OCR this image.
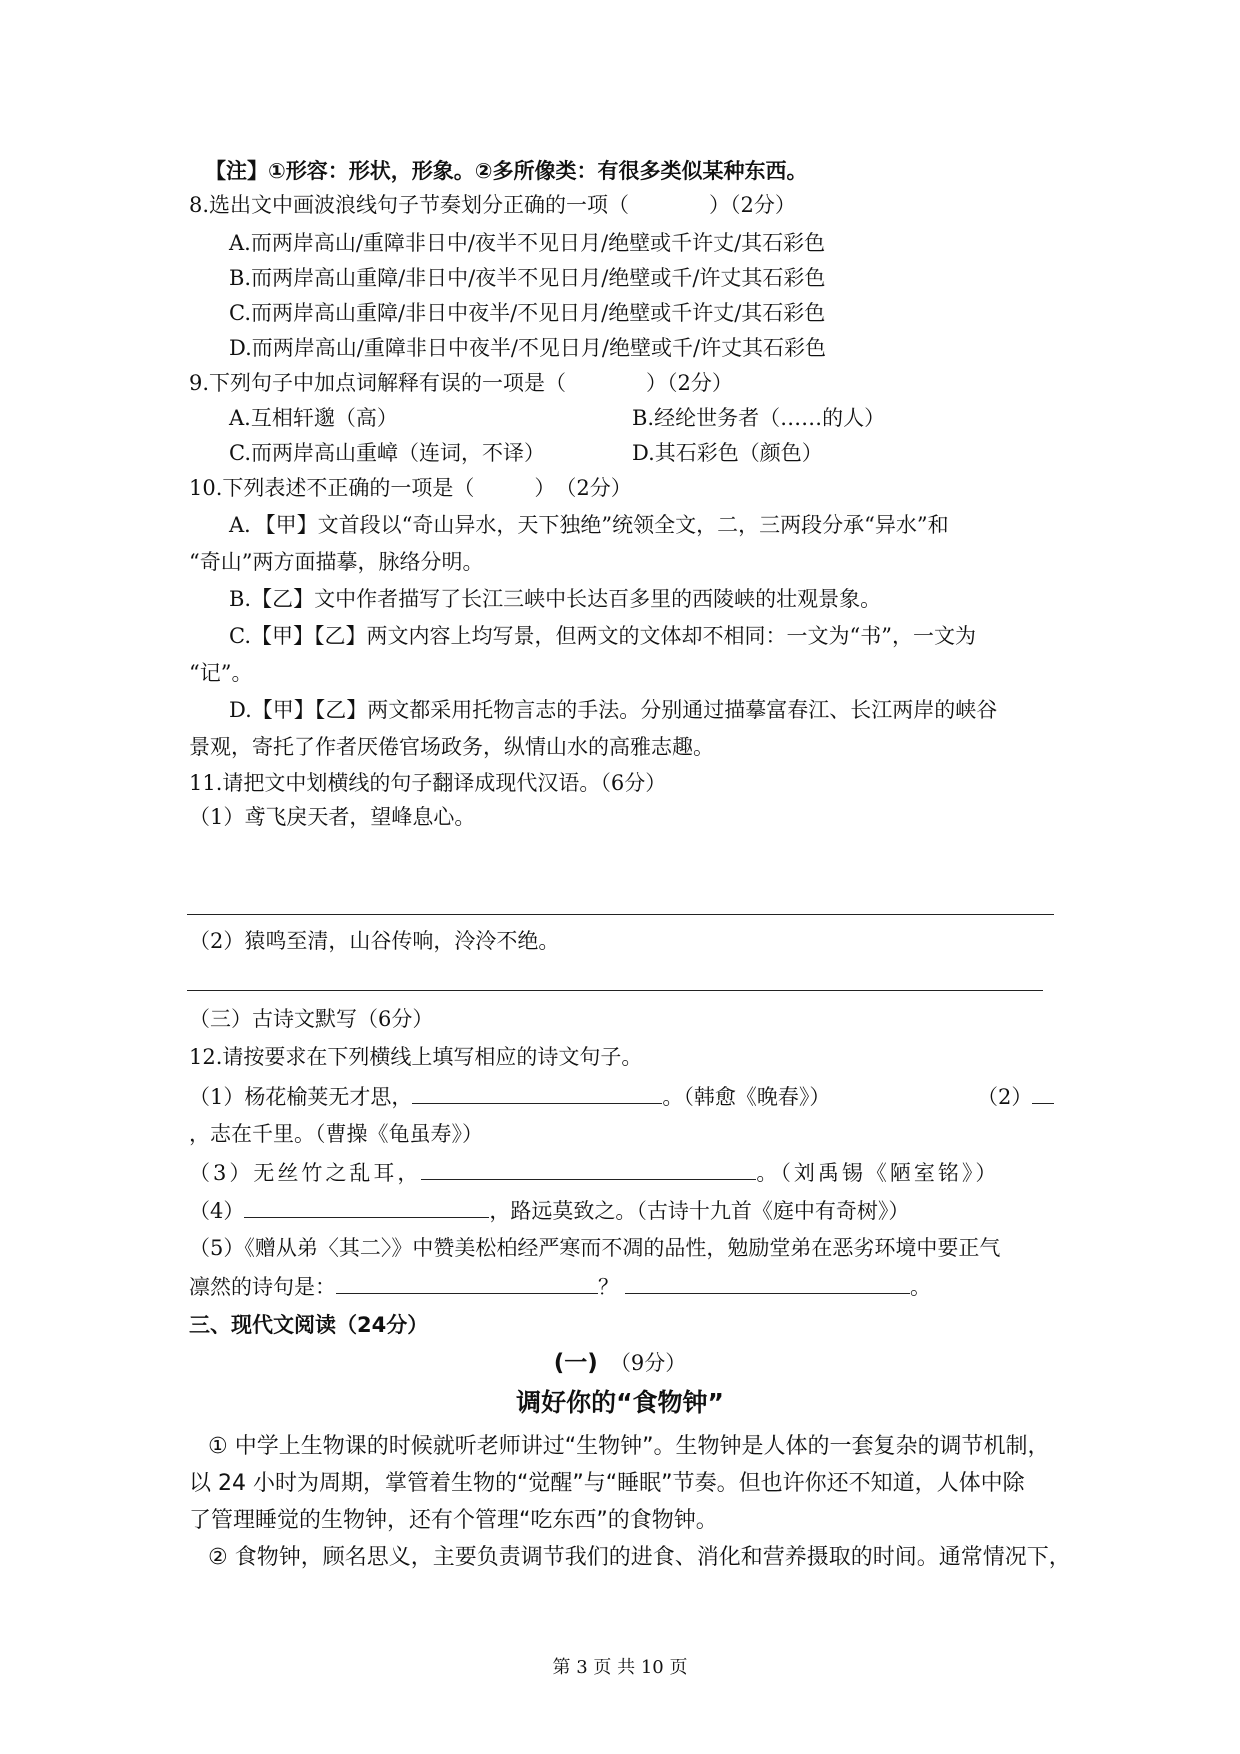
【注】①形容：形状，形象。②多所像类：有很多类似某种东西。
8.选出文中画波浪线句子节奏划分正确的一项（	）（2分）
A.而两岸高山/重障非日中/夜半不见日月/绝壁或千许丈/其石彩色
B.而两岸高山重障/非日中/夜半不见日月/绝壁或千/许丈其石彩色
C.而两岸高山重障/非日中夜半/不见日月/绝壁或千许丈/其石彩色
D.而两岸高山/重障非日中夜半/不见日月/绝壁或千/许丈其石彩色
9.下列句子中加点词解释有误的一项是（	）（2分）
A.互相轩邈（高）	B.经纶世务者（……的人）
C.而两岸高山重嶂（连词，不译）	D.其石彩色（颜色）
10.下列表述不正确的一项是（	）　（2分）
A．【甲】文首段以“奇山异水，天下独绝”统领全文，二，三两段分承“异水”和
“奇山”两方面描摹，脉络分明。
B.【乙】文中作者描写了长江三峡中长达百多里的西陵峡的壮观景象。
C.【甲】【乙】两文内容上均写景，但两文的文体却不相同：一文为“书”，一文为
“记”。
D.【甲】【乙】两文都采用托物言志的手法。分别通过描摹富春江、长江两岸的峡谷
景观，寄托了作者厌倦官场政务，纵情山水的高雅志趣。
11.请把文中划横线的句子翻译成现代汉语。（6分）
（1）鸢飞戾天者，望峰息心。
（2）猿鸣至清，山谷传响，泠泠不绝。
（三）古诗文默写（6分）
12.请按要求在下列横线上填写相应的诗文句子。
（1）杨花榆荚无才思，	。（韩愈《晚春》）	（2）
，志在千里。（曹操《龟虽寿》）
（3）无丝竹之乱耳，	。（刘禹锡《陋室铭》）
（4）	，路远莫致之。（古诗十九首《庭中有奇树》）
（5）《赠从弟〈其二〉》中赞美松柏经严寒而不凋的品性，勉励堂弟在恶劣环境中要正气
凛然的诗句是：	？	。
三、现代文阅读（24分）
(一) （9分）
调好你的“食物钟”
① 中学上生物课的时候就听老师讲过“生物钟”。生物钟是人体的一套复杂的调节机制，
以 24 小时为周期，掌管着生物的“觉醒”与“睡眠”节奏。但也许你还不知道，人体中除
了管理睡觉的生物钟，还有个管理“吃东西”的食物钟。
② 食物钟，顾名思义，主要负责调节我们的进食、消化和营养摄取的时间。通常情况下，
第 3 页 共 10 页
